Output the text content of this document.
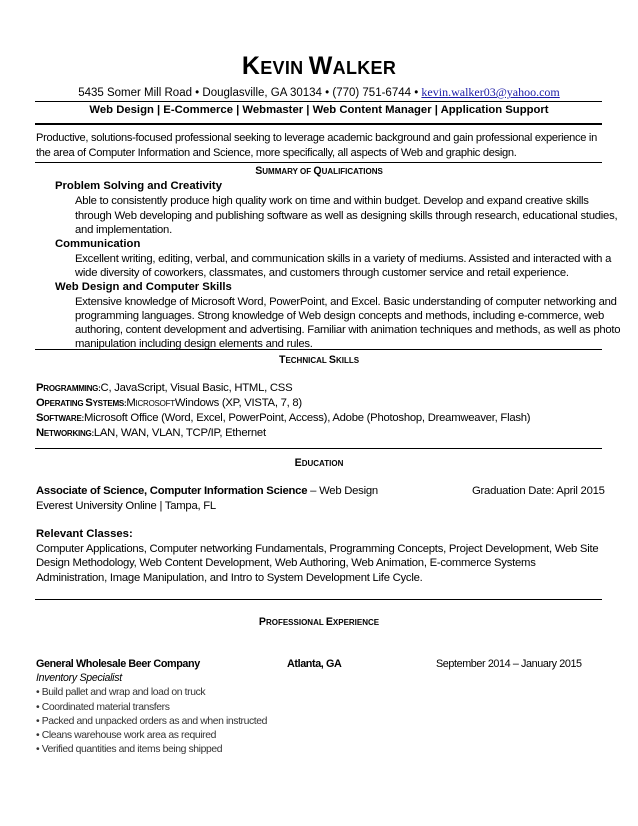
KEVIN WALKER
5435 Somer Mill Road • Douglasville, GA 30134 • (770) 751-6744 • kevin.walker03@yahoo.com
Web Design | E-Commerce | Webmaster | Web Content Manager | Application Support
Productive, solutions-focused professional seeking to leverage academic background and gain professional experience in
the area of Computer Information and Science, more specifically, all aspects of Web and graphic design.
SUMMARY OF QUALIFICATIONS
Problem Solving and Creativity
Able to consistently produce high quality work on time and within budget. Develop and expand creative skills
through Web developing and publishing software as well as designing skills through research, educational studies,
and implementation.
Communication
Excellent writing, editing, verbal, and communication skills in a variety of mediums. Assisted and interacted with a
wide diversity of coworkers, classmates, and customers through customer service and retail experience.
Web Design and Computer Skills
Extensive knowledge of Microsoft Word, PowerPoint, and Excel. Basic understanding of computer networking and
programming languages. Strong knowledge of Web design concepts and methods, including e-commerce, web
authoring, content development and advertising. Familiar with animation techniques and methods, as well as photo
manipulation including design elements and rules.
TECHNICAL SKILLS
PROGRAMMING:C, JavaScript, Visual Basic, HTML, CSS
OPERATING SYSTEMS:MICROSOFTWindows (XP, VISTA, 7, 8)
SOFTWARE:Microsoft Office (Word, Excel, PowerPoint, Access), Adobe (Photoshop, Dreamweaver, Flash)
NETWORKING:LAN, WAN, VLAN, TCP/IP, Ethernet
EDUCATION
Associate of Science, Computer Information Science – Web Design	Graduation Date: April 2015
Everest University Online | Tampa, FL
Relevant Classes:
Computer Applications, Computer networking Fundamentals, Programming Concepts, Project Development, Web Site
Design Methodology, Web Content Development, Web Authoring, Web Animation, E-commerce Systems
Administration, Image Manipulation, and Intro to System Development Life Cycle.
PROFESSIONAL EXPERIENCE
General Wholesale Beer Company	Atlanta, GA	September 2014 – January 2015
Inventory Specialist
• Build pallet and wrap and load on truck
• Coordinated material transfers
• Packed and unpacked orders as and when instructed
• Cleans warehouse work area as required
• Verified quantities and items being shipped
